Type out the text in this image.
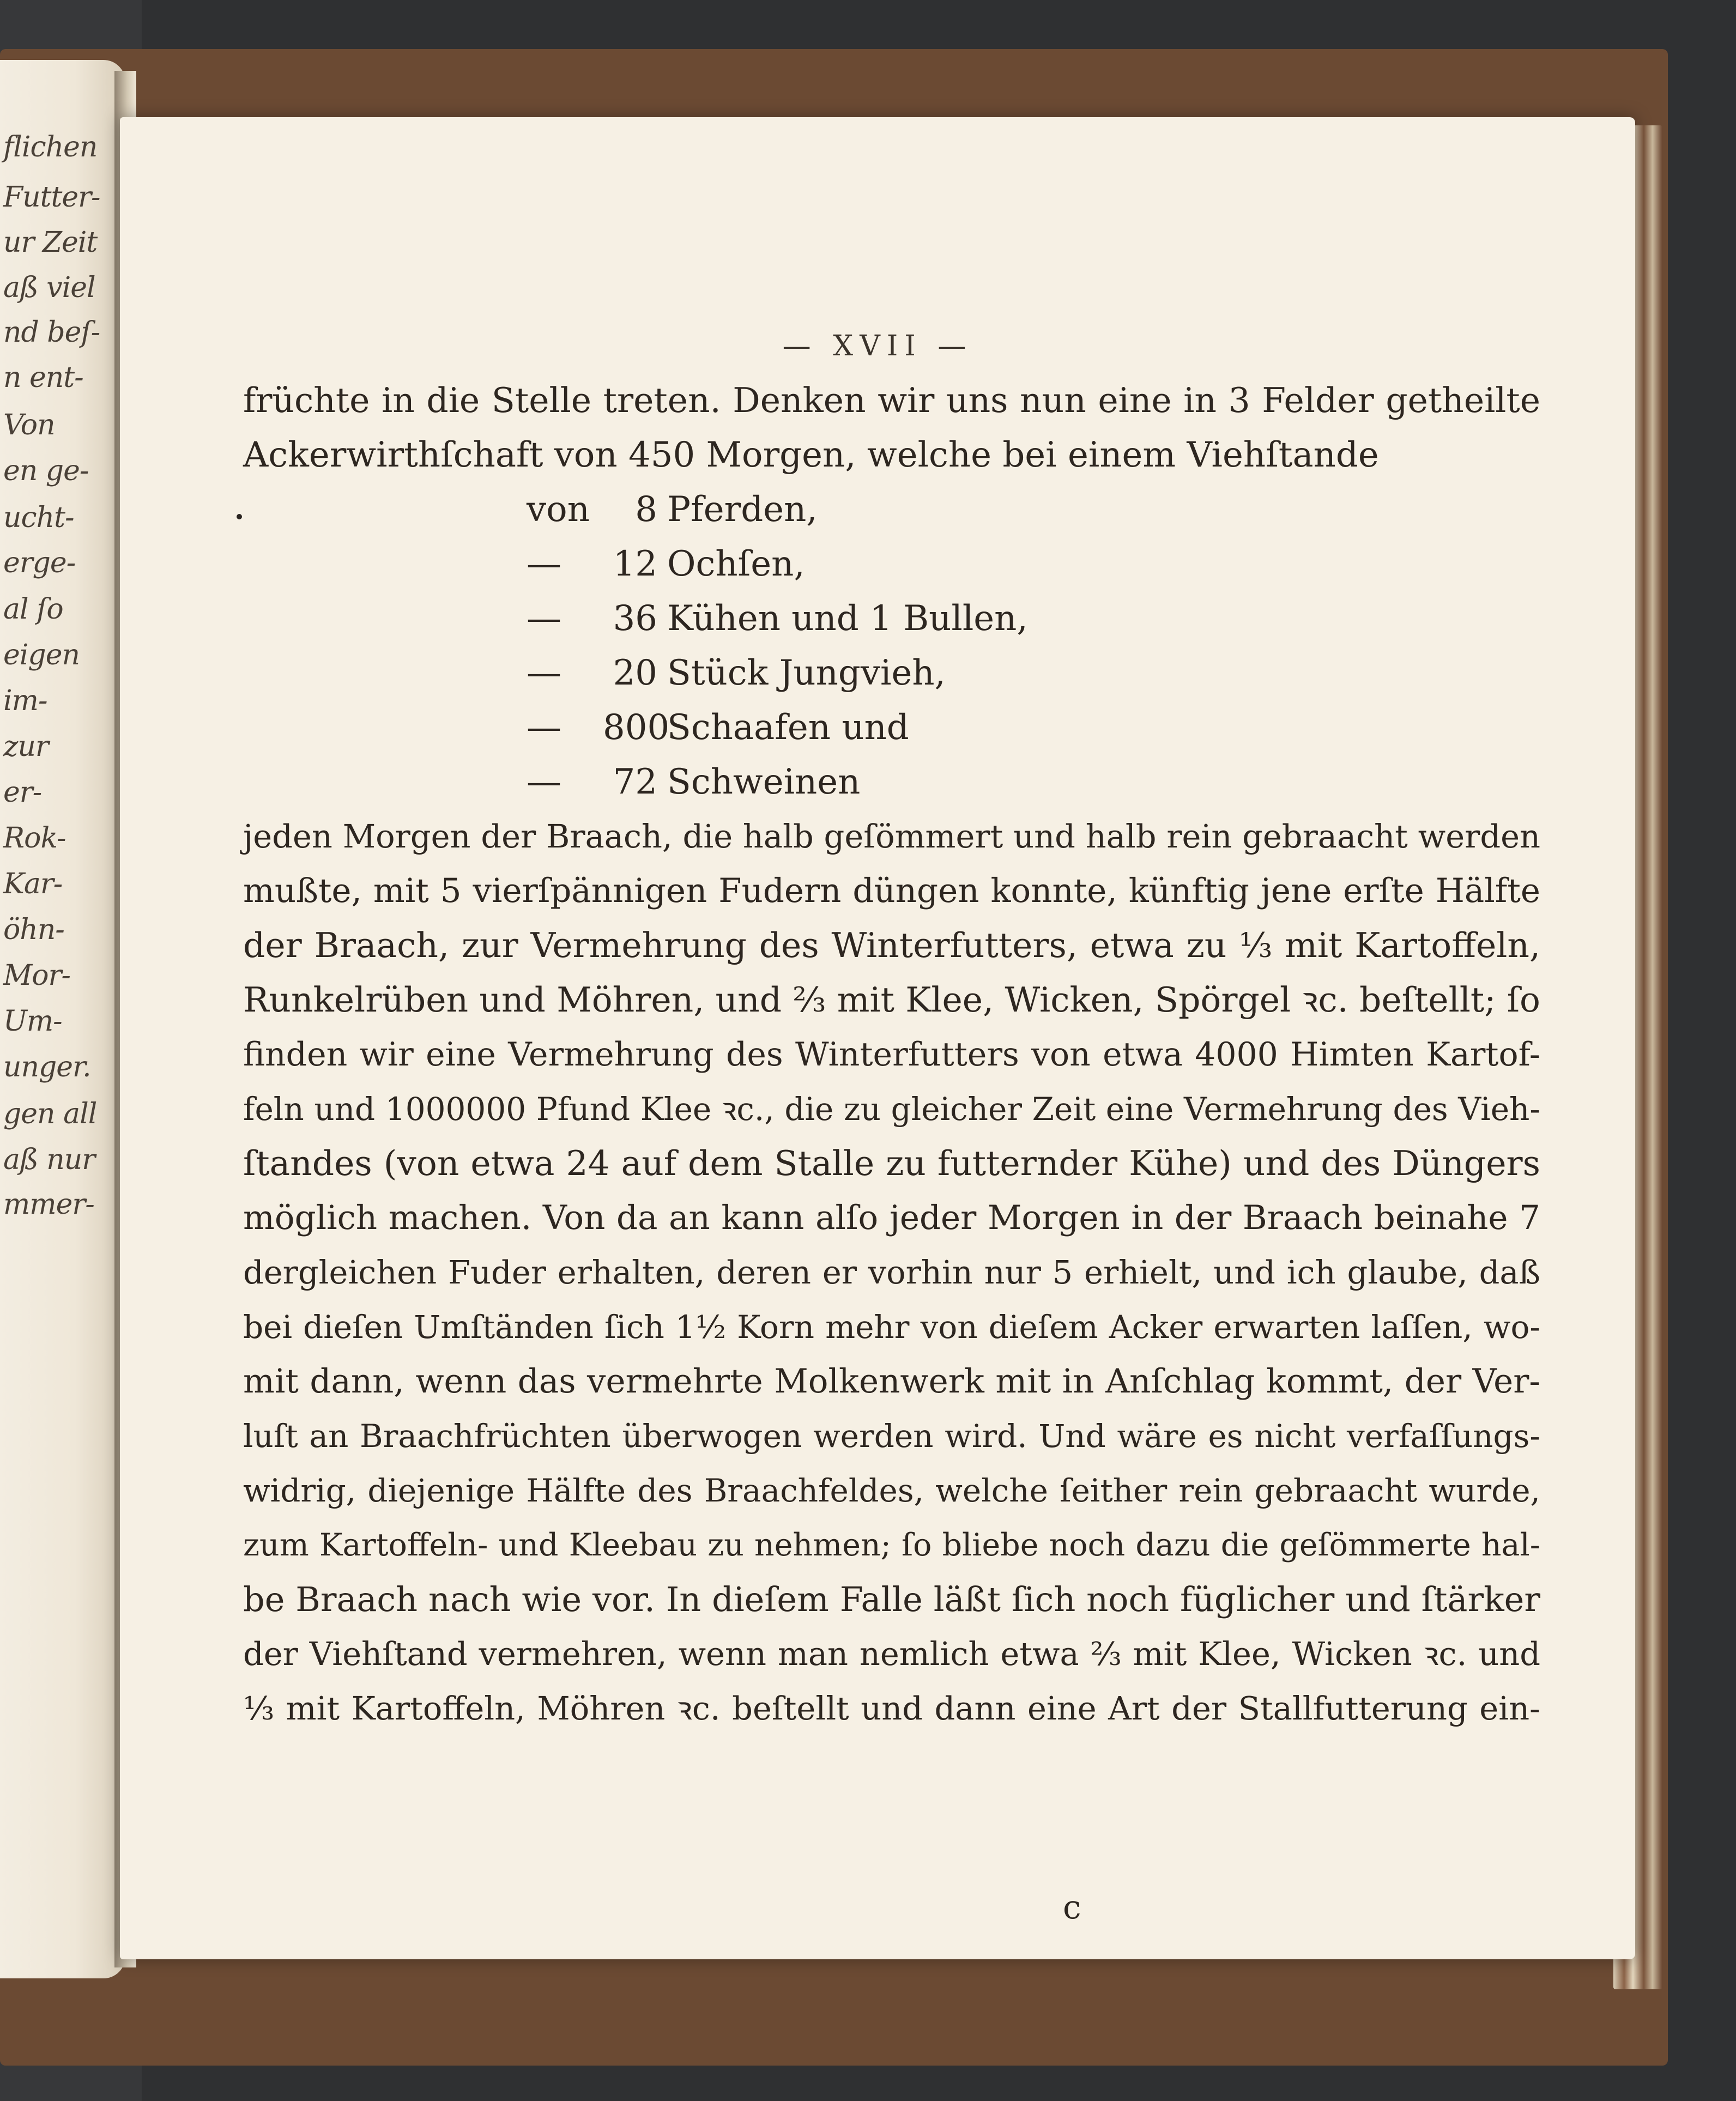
flichen
Futter-
ur Zeit
aß viel
nd beſ-
n ent-
Von
en ge-
ucht-
erge-
al ſo
eigen
im-
zur
er-
Rok-
Kar-
öhn-
Mor-
Um-
unger.
gen all
aß nur
mmer-
— XVII —
früchte in die Stelle treten. Denken wir uns nun eine in 3 Felder getheilte
Ackerwirthſchaft von 450 Morgen, welche bei einem Viehſtande
von 8 Pferden,
— 12 Ochſen,
— 36 Kühen und 1 Bullen,
— 20 Stück Jungvieh,
— 800Schaafen und
— 72 Schweinen
jeden Morgen der Braach, die halb geſömmert und halb rein gebraacht werden
mußte, mit 5 vierſpännigen Fudern düngen konnte, künftig jene erſte Hälfte
der Braach, zur Vermehrung des Winterfutters, etwa zu ⅓ mit Kartoffeln,
Runkelrüben und Möhren, und ⅔ mit Klee, Wicken, Spörgel ꝛc. beſtellt; ſo
finden wir eine Vermehrung des Winterfutters von etwa 4000 Himten Kartof-
feln und 1000000 Pfund Klee ꝛc., die zu gleicher Zeit eine Vermehrung des Vieh-
ſtandes (von etwa 24 auf dem Stalle zu futternder Kühe) und des Düngers
möglich machen. Von da an kann alſo jeder Morgen in der Braach beinahe 7
dergleichen Fuder erhalten, deren er vorhin nur 5 erhielt, und ich glaube, daß
bei dieſen Umſtänden ſich 1½ Korn mehr von dieſem Acker erwarten laſſen, wo-
mit dann, wenn das vermehrte Molkenwerk mit in Anſchlag kommt, der Ver-
luſt an Braachfrüchten überwogen werden wird. Und wäre es nicht verfaſſungs-
widrig, diejenige Hälfte des Braachfeldes, welche ſeither rein gebraacht wurde,
zum Kartoffeln- und Kleebau zu nehmen; ſo bliebe noch dazu die geſömmerte hal-
be Braach nach wie vor. In dieſem Falle läßt ſich noch füglicher und ſtärker
der Viehſtand vermehren, wenn man nemlich etwa ⅔ mit Klee, Wicken ꝛc. und
⅓ mit Kartoffeln, Möhren ꝛc. beſtellt und dann eine Art der Stallfutterung ein-
c
